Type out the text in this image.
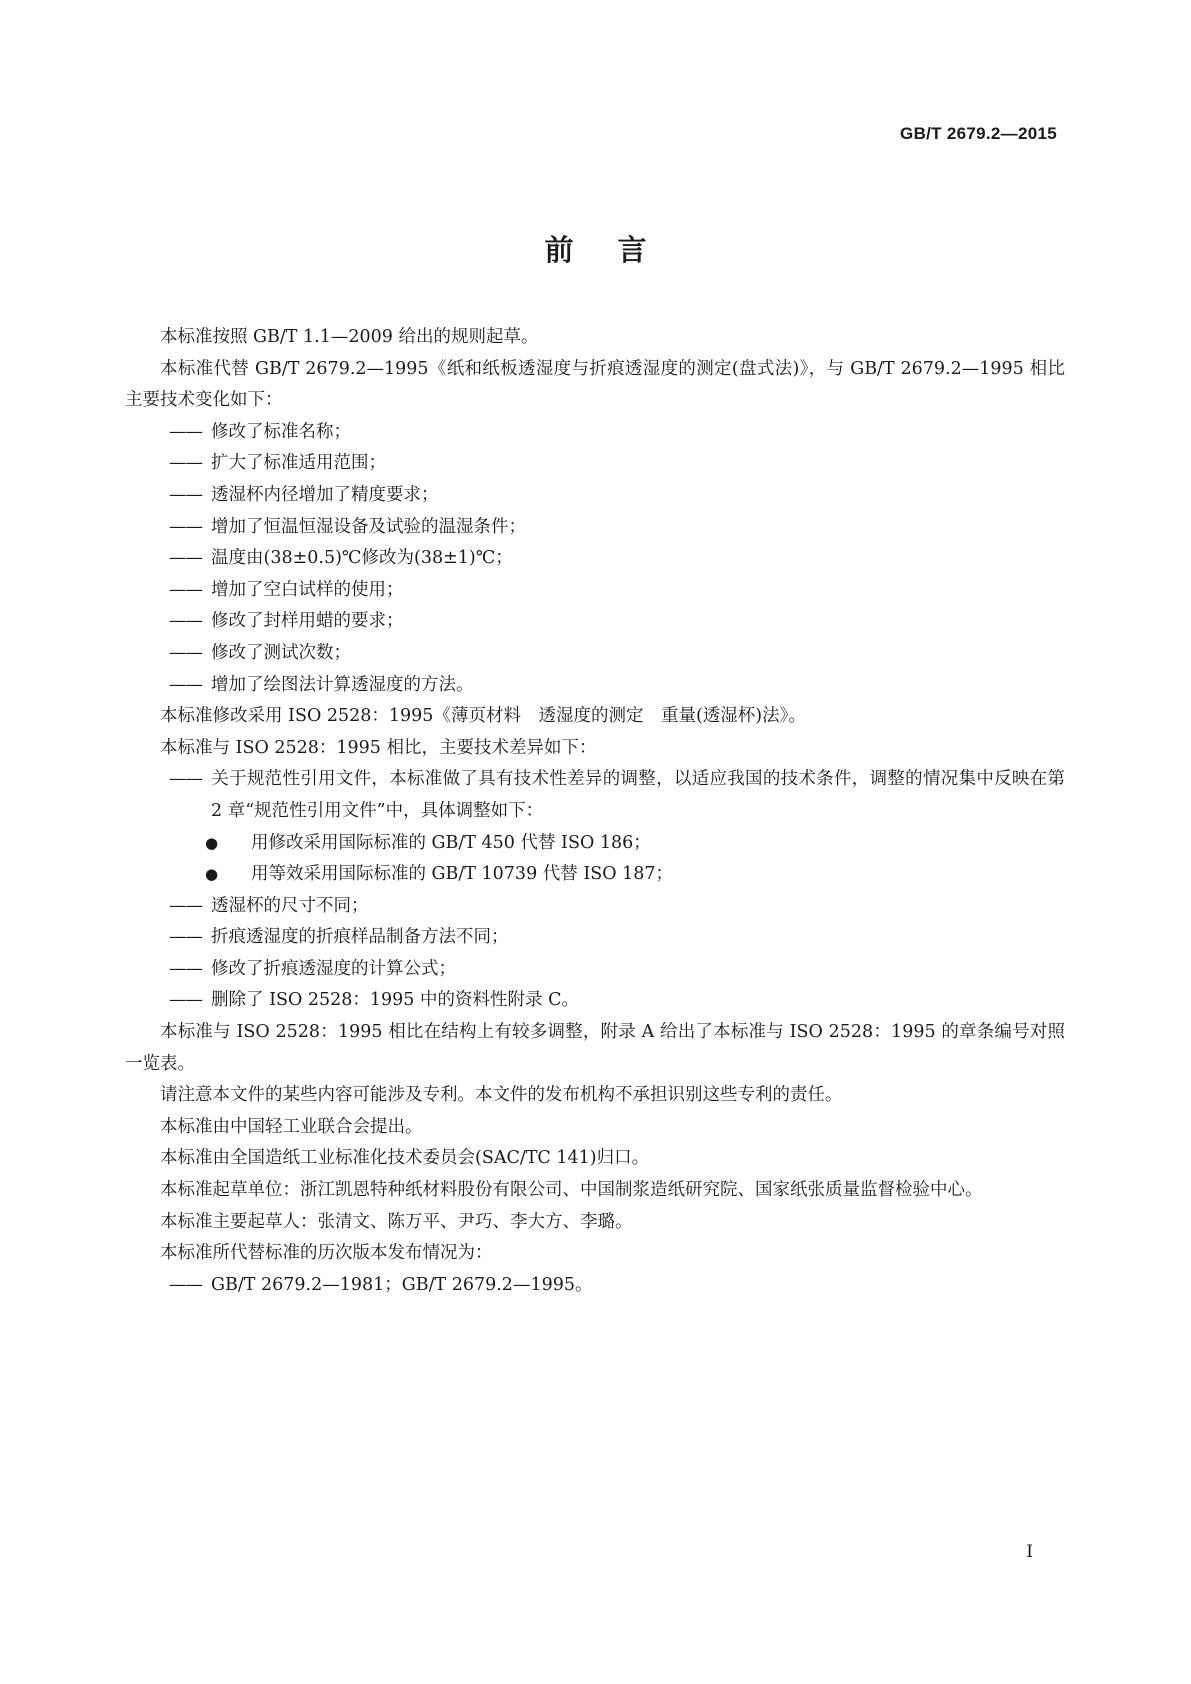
GB/T 2679.2—2015
前言

本标准按照 GB/T 1.1—2009 给出的规则起草。

本标准代替 GB/T 2679.2—1995《纸和纸板透湿度与折痕透湿度的测定(盘式法)》，与 GB/T 2679.2—1995 相比主要技术变化如下：

—— 修改了标准名称；

—— 扩大了标准适用范围；

—— 透湿杯内径增加了精度要求；

—— 增加了恒温恒湿设备及试验的温湿条件；

—— 温度由(38±0.5)℃修改为(38±1)℃；

—— 增加了空白试样的使用；

—— 修改了封样用蜡的要求；

—— 修改了测试次数；

—— 增加了绘图法计算透湿度的方法。

本标准修改采用 ISO 2528：1995《薄页材料　透湿度的测定　重量(透湿杯)法》。

本标准与 ISO 2528：1995 相比，主要技术差异如下：

—— 关于规范性引用文件，本标准做了具有技术性差异的调整，以适应我国的技术条件，调整的情况集中反映在第 2 章“规范性引用文件”中，具体调整如下：

● 用修改采用国际标准的 GB/T 450 代替 ISO 186；

● 用等效采用国际标准的 GB/T 10739 代替 ISO 187；

—— 透湿杯的尺寸不同；

—— 折痕透湿度的折痕样品制备方法不同；

—— 修改了折痕透湿度的计算公式；

—— 删除了 ISO 2528：1995 中的资料性附录 C。

本标准与 ISO 2528：1995 相比在结构上有较多调整，附录 A 给出了本标准与 ISO 2528：1995 的章条编号对照一览表。

请注意本文件的某些内容可能涉及专利。本文件的发布机构不承担识别这些专利的责任。

本标准由中国轻工业联合会提出。

本标准由全国造纸工业标准化技术委员会(SAC/TC 141)归口。

本标准起草单位：浙江凯恩特种纸材料股份有限公司、中国制浆造纸研究院、国家纸张质量监督检验中心。

本标准主要起草人：张清文、陈万平、尹巧、李大方、李璐。

本标准所代替标准的历次版本发布情况为：

—— GB/T 2679.2—1981；GB/T 2679.2—1995。

I
